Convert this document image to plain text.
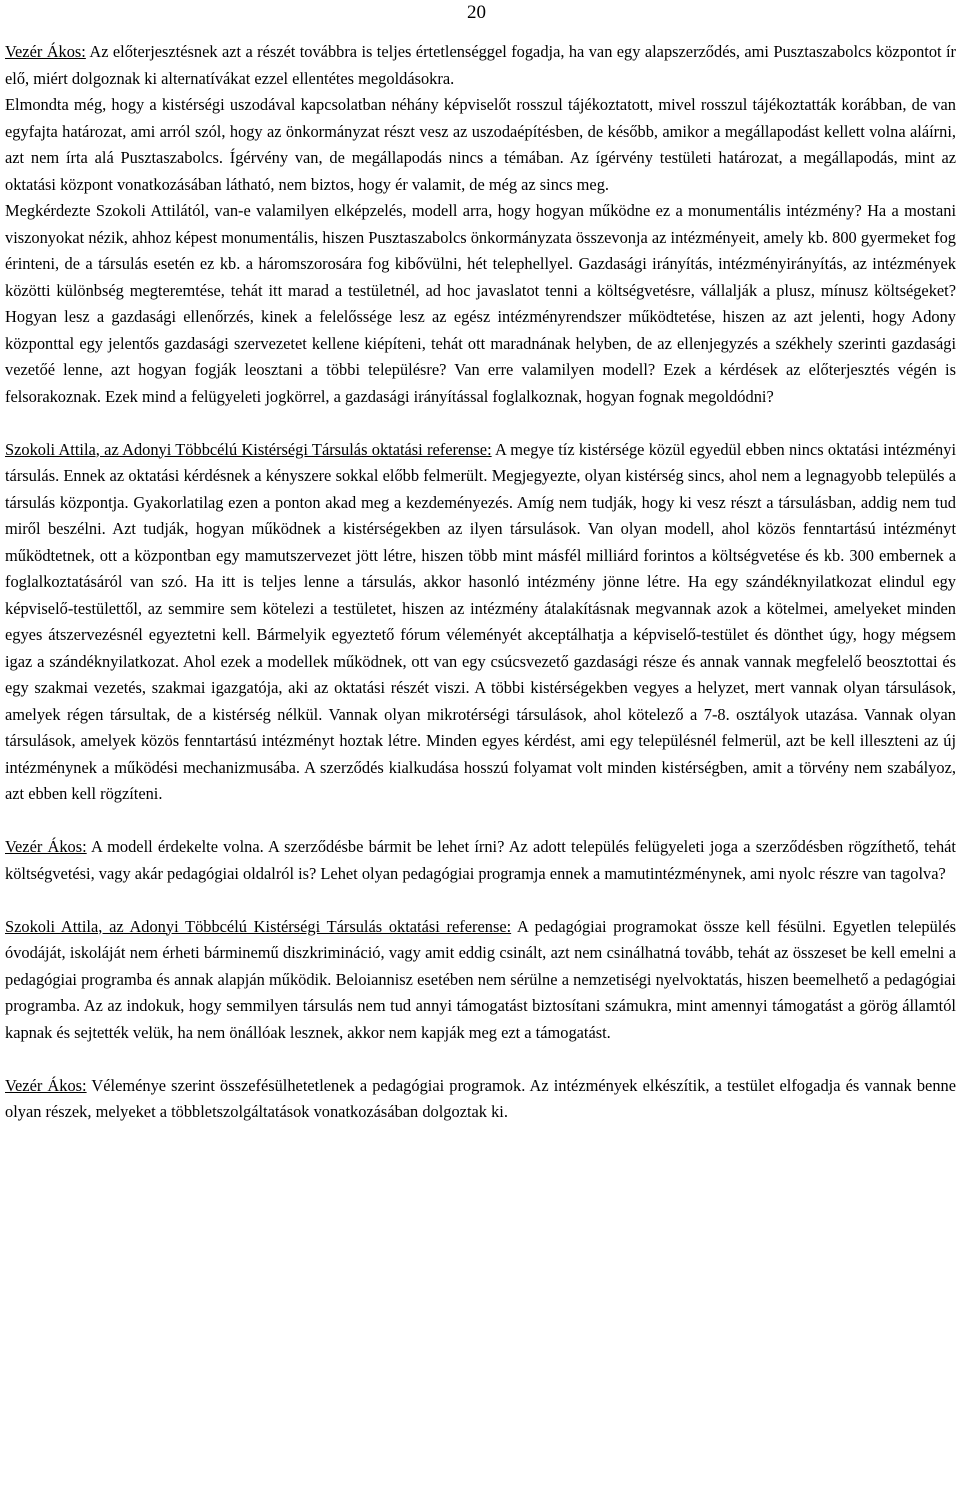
20

Vezér Ákos: Az előterjesztésnek azt a részét továbbra is teljes értetlenséggel fogadja, ha van egy alapszerződés, ami Pusztaszabolcs központot ír elő, miért dolgoznak ki alternatívákat ezzel ellentétes megoldásokra.

Elmondta még, hogy a kistérségi uszodával kapcsolatban néhány képviselőt rosszul tájékoztatott, mivel rosszul tájékoztatták korábban, de van egyfajta határozat, ami arról szól, hogy az önkormányzat részt vesz az uszodaépítésben, de később, amikor a megállapodást kellett volna aláírni, azt nem írta alá Pusztaszabolcs. Ígérvény van, de megállapodás nincs a témában. Az ígérvény testületi határozat, a megállapodás, mint az oktatási központ vonatkozásában látható, nem biztos, hogy ér valamit, de még az sincs meg.

Megkérdezte Szokoli Attilától, van-e valamilyen elképzelés, modell arra, hogy hogyan működne ez a monumentális intézmény? Ha a mostani viszonyokat nézik, ahhoz képest monumentális, hiszen Pusztaszabolcs önkormányzata összevonja az intézményeit, amely kb. 800 gyermeket fog érinteni, de a társulás esetén ez kb. a háromszorosára fog kibővülni, hét telephellyel. Gazdasági irányítás, intézményirányítás, az intézmények közötti különbség megteremtése, tehát itt marad a testületnél, ad hoc javaslatot tenni a költségvetésre, vállalják a plusz, mínusz költségeket? Hogyan lesz a gazdasági ellenőrzés, kinek a felelőssége lesz az egész intézményrendszer működtetése, hiszen az azt jelenti, hogy Adony központtal egy jelentős gazdasági szervezetet kellene kiépíteni, tehát ott maradnának helyben, de az ellenjegyzés a székhely szerinti gazdasági vezetőé lenne, azt hogyan fogják leosztani a többi településre? Van erre valamilyen modell? Ezek a kérdések az előterjesztés végén is felsorakoznak. Ezek mind a felügyeleti jogkörrel, a gazdasági irányítással foglalkoznak, hogyan fognak megoldódni?

Szokoli Attila, az Adonyi Többcélú Kistérségi Társulás oktatási referense: A megye tíz kistérsége közül egyedül ebben nincs oktatási intézményi társulás. Ennek az oktatási kérdésnek a kényszere sokkal előbb felmerült. Megjegyezte, olyan kistérség sincs, ahol nem a legnagyobb település a társulás központja. Gyakorlatilag ezen a ponton akad meg a kezdeményezés. Amíg nem tudják, hogy ki vesz részt a társulásban, addig nem tud miről beszélni. Azt tudják, hogyan működnek a kistérségekben az ilyen társulások. Van olyan modell, ahol közös fenntartású intézményt működtetnek, ott a központban egy mamutszervezet jött létre, hiszen több mint másfél milliárd forintos a költségvetése és kb. 300 embernek a foglalkoztatásáról van szó. Ha itt is teljes lenne a társulás, akkor hasonló intézmény jönne létre. Ha egy szándéknyilatkozat elindul egy képviselő-testülettől, az semmire sem kötelezi a testületet, hiszen az intézmény átalakításnak megvannak azok a kötelmei, amelyeket minden egyes átszervezésnél egyeztetni kell. Bármelyik egyeztető fórum véleményét akceptálhatja a képviselő-testület és dönthet úgy, hogy mégsem igaz a szándéknyilatkozat. Ahol ezek a modellek működnek, ott van egy csúcsvezető gazdasági része és annak vannak megfelelő beosztottai és egy szakmai vezetés, szakmai igazgatója, aki az oktatási részét viszi. A többi kistérségekben vegyes a helyzet, mert vannak olyan társulások, amelyek régen társultak, de a kistérség nélkül. Vannak olyan mikrotérségi társulások, ahol kötelező a 7-8. osztályok utazása. Vannak olyan társulások, amelyek közös fenntartású intézményt hoztak létre. Minden egyes kérdést, ami egy településnél felmerül, azt be kell illeszteni az új intézménynek a működési mechanizmusába. A szerződés kialkudása hosszú folyamat volt minden kistérségben, amit a törvény nem szabályoz, azt ebben kell rögzíteni.

Vezér Ákos: A modell érdekelte volna. A szerződésbe bármit be lehet írni? Az adott település felügyeleti joga a szerződésben rögzíthető, tehát költségvetési, vagy akár pedagógiai oldalról is? Lehet olyan pedagógiai programja ennek a mamutintézménynek, ami nyolc részre van tagolva?

Szokoli Attila, az Adonyi Többcélú Kistérségi Társulás oktatási referense: A pedagógiai programokat össze kell fésülni. Egyetlen település óvodáját, iskoláját nem érheti bárminemű diszkrimináció, vagy amit eddig csinált, azt nem csinálhatná tovább, tehát az összeset be kell emelni a pedagógiai programba és annak alapján működik. Beloiannisz esetében nem sérülne a nemzetiségi nyelvoktatás, hiszen beemelhető a pedagógiai programba. Az az indokuk, hogy semmilyen társulás nem tud annyi támogatást biztosítani számukra, mint amennyi támogatást a görög államtól kapnak és sejtették velük, ha nem önállóak lesznek, akkor nem kapják meg ezt a támogatást.

Vezér Ákos: Véleménye szerint összefésülhetetlenek a pedagógiai programok. Az intézmények elkészítik, a testület elfogadja és vannak benne olyan részek, melyeket a többletszolgáltatások vonatkozásában dolgoztak ki.
